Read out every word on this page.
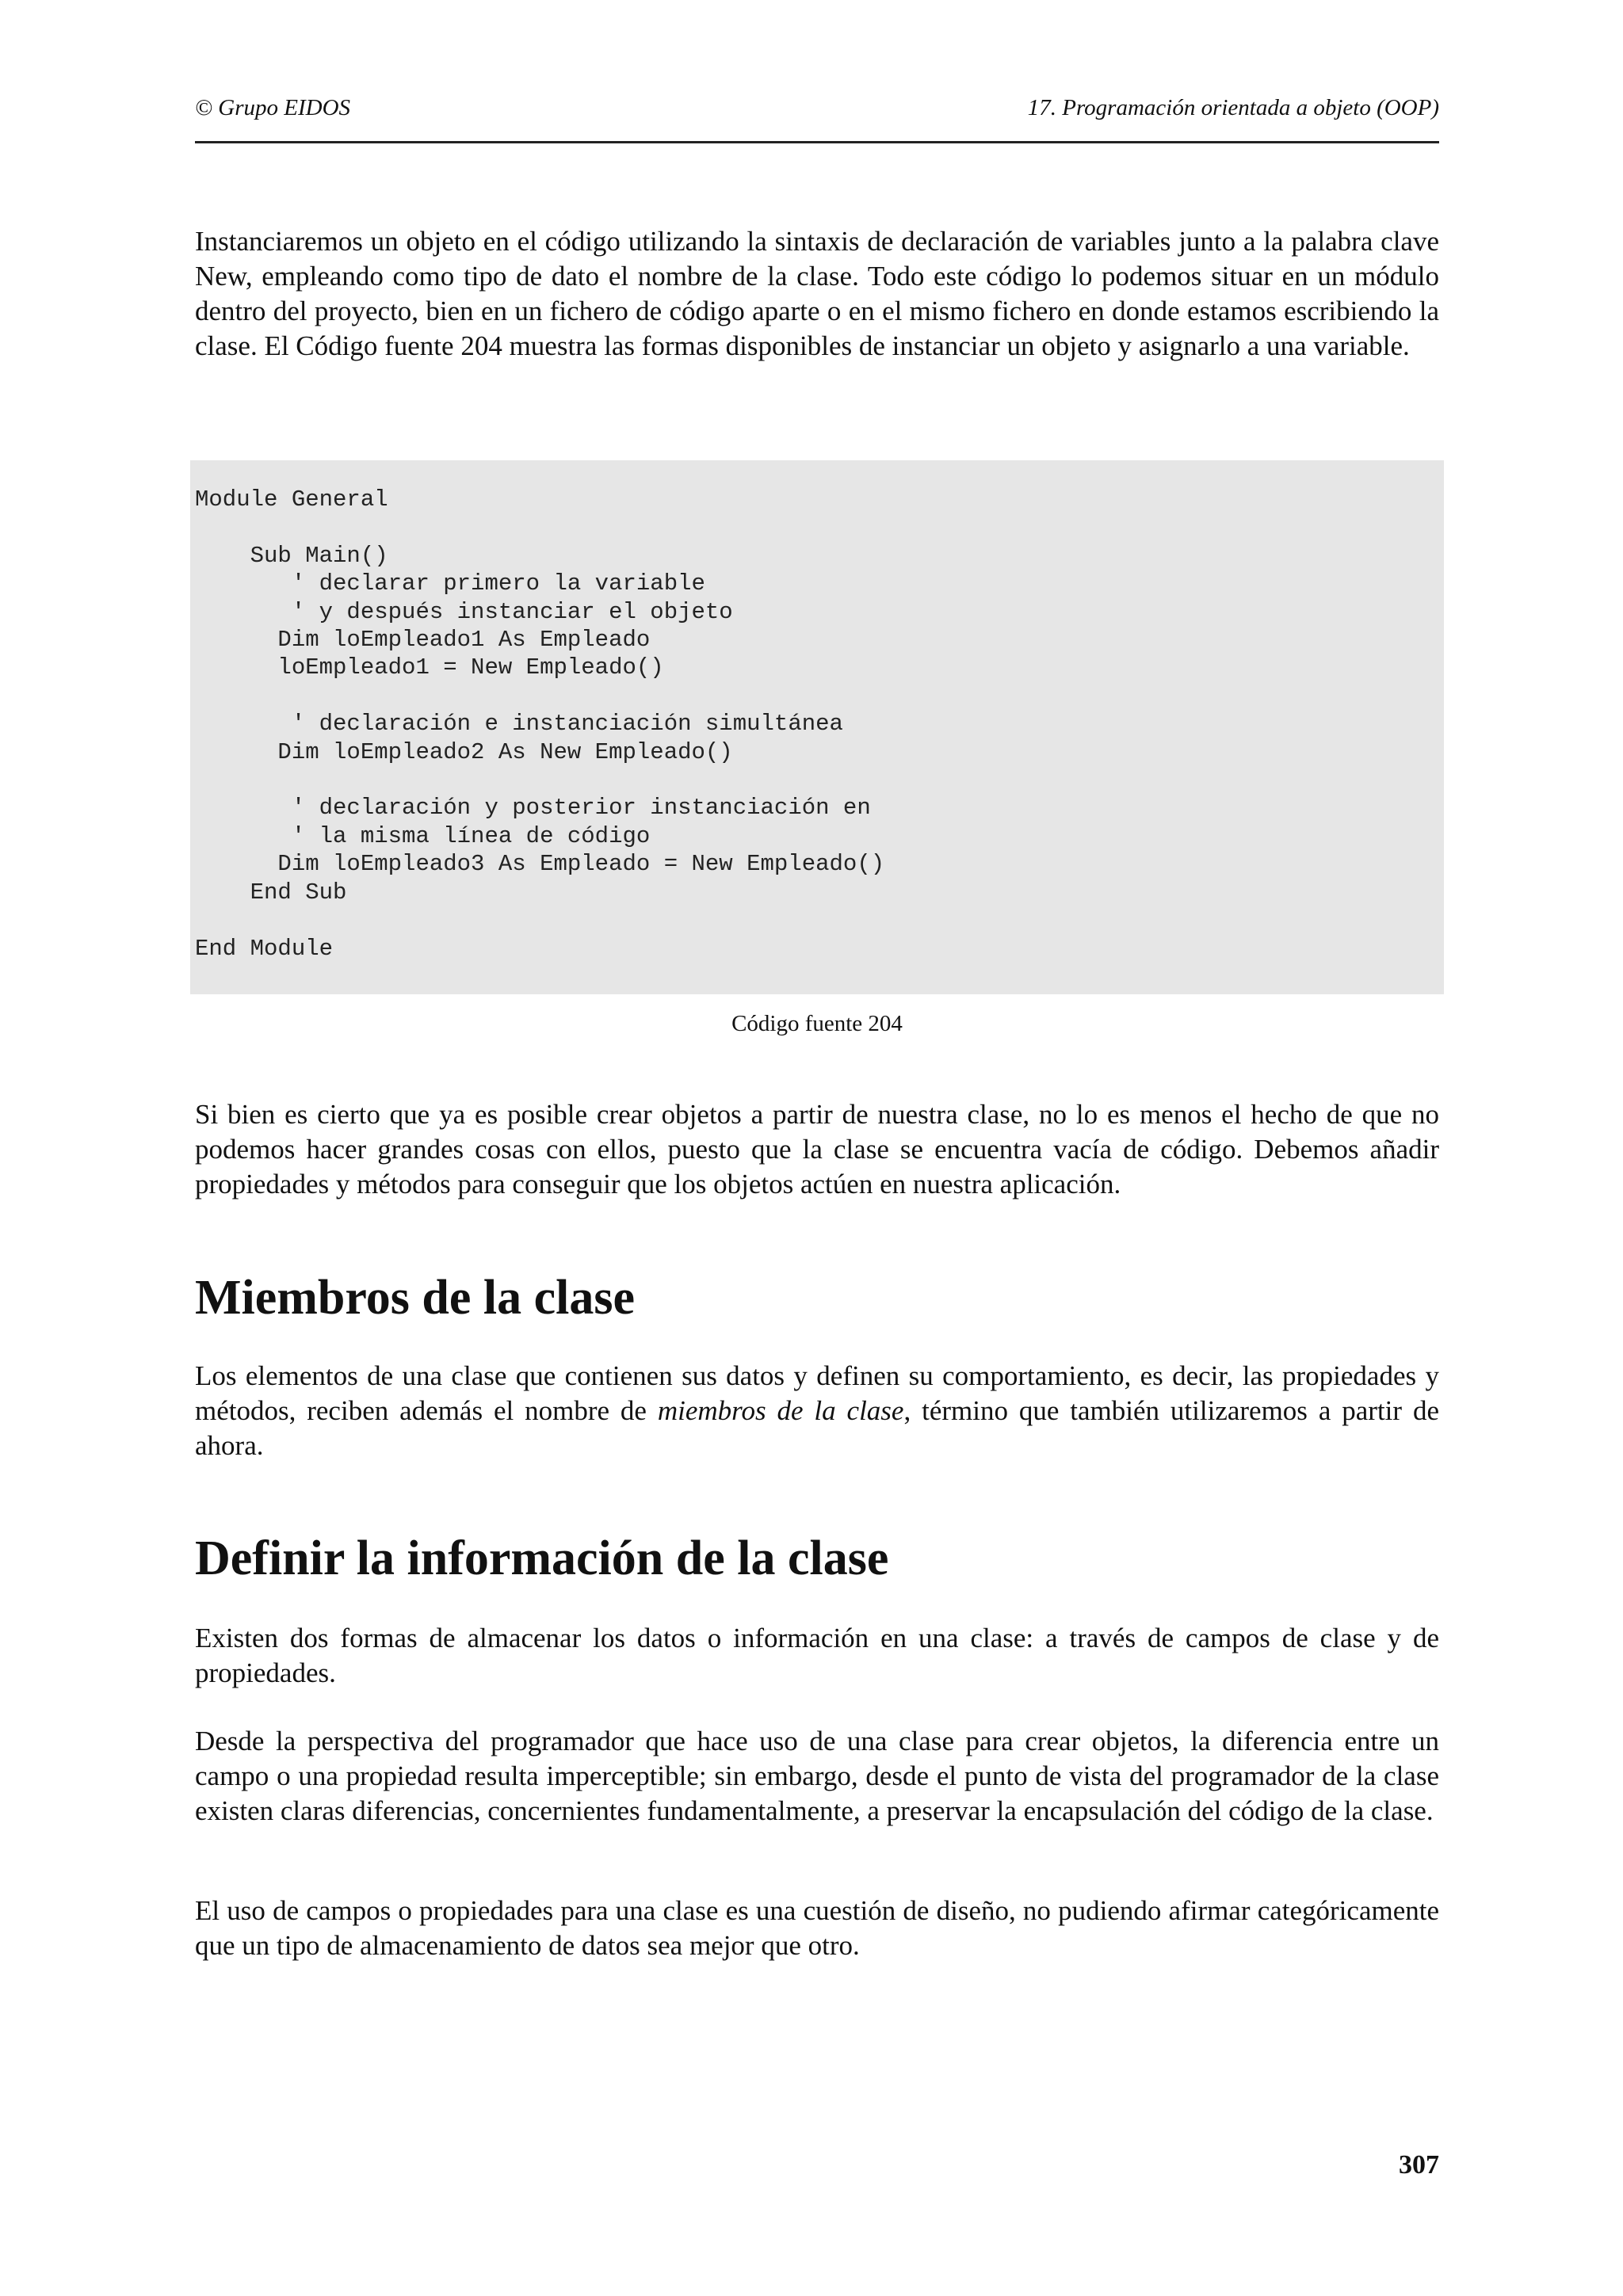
© Grupo EIDOS	17. Programación orientada a objeto (OOP)

Instanciaremos un objeto en el código utilizando la sintaxis de declaración de variables junto a la palabra clave New, empleando como tipo de dato el nombre de la clase. Todo este código lo podemos situar en un módulo dentro del proyecto, bien en un fichero de código aparte o en el mismo fichero en donde estamos escribiendo la clase. El Código fuente 204 muestra las formas disponibles de instanciar un objeto y asignarlo a una variable.

Module General

Sub Main()
' declarar primero la variable
' y después instanciar el objeto
Dim loEmpleado1 As Empleado
loEmpleado1 = New Empleado()

' declaración e instanciación simultánea
Dim loEmpleado2 As New Empleado()

' declaración y posterior instanciación en
' la misma línea de código
Dim loEmpleado3 As Empleado = New Empleado()
End Sub

End Module
Código fuente 204

Si bien es cierto que ya es posible crear objetos a partir de nuestra clase, no lo es menos el hecho de que no podemos hacer grandes cosas con ellos, puesto que la clase se encuentra vacía de código. Debemos añadir propiedades y métodos para conseguir que los objetos actúen en nuestra aplicación.

Miembros de la clase

Los elementos de una clase que contienen sus datos y definen su comportamiento, es decir, las propiedades y métodos, reciben además el nombre de miembros de la clase, término que también utilizaremos a partir de ahora.

Definir la información de la clase

Existen dos formas de almacenar los datos o información en una clase: a través de campos de clase y de propiedades.

Desde la perspectiva del programador que hace uso de una clase para crear objetos, la diferencia entre un campo o una propiedad resulta imperceptible; sin embargo, desde el punto de vista del programador de la clase existen claras diferencias, concernientes fundamentalmente, a preservar la encapsulación del código de la clase.

El uso de campos o propiedades para una clase es una cuestión de diseño, no pudiendo afirmar categóricamente que un tipo de almacenamiento de datos sea mejor que otro.

307
